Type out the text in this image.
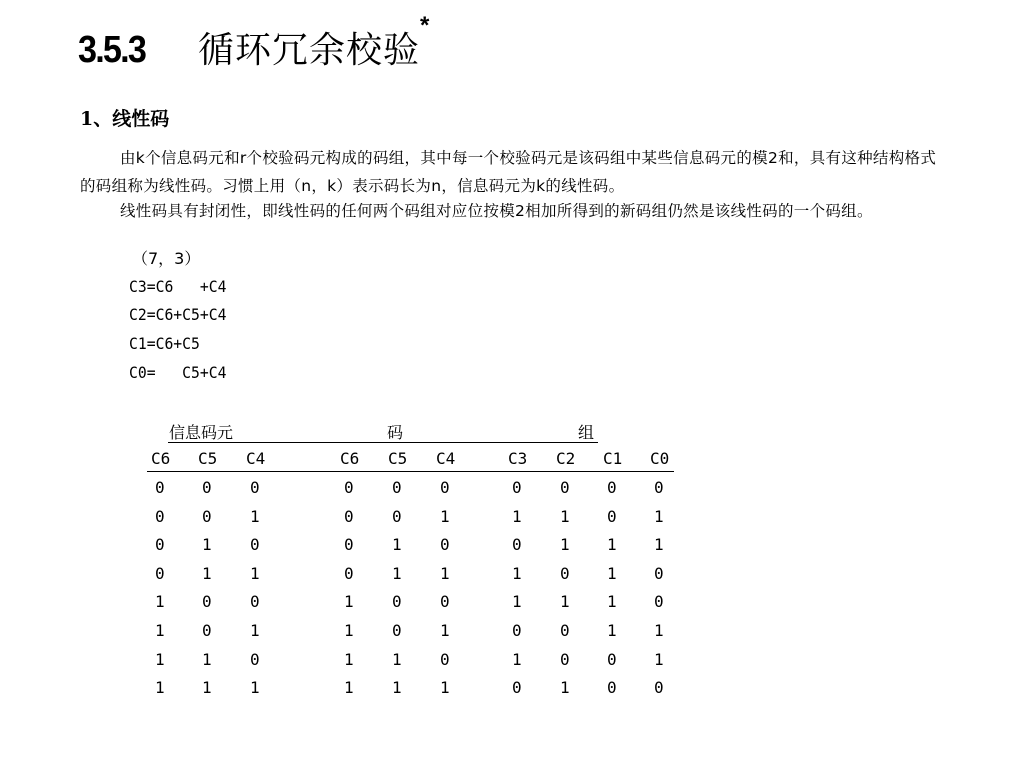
3.5.3	循环冗余校验*
1、线性码
由k个信息码元和r个校验码元构成的码组，其中每一个校验码元是该码组中某些信息码元的模2和，具有这种结构格式的码组称为线性码。习惯上用（n，k）表示码长为n，信息码元为k的线性码。
线性码具有封闭性，即线性码的任何两个码组对应位按模2相加所得到的新码组仍然是该线性码的一个码组。
（7，3）
C3=C6   +C4
C2=C6+C5+C4
C1=C6+C5
C0=   C5+C4
信息码元	码	组
C6 C5 C4	C6 C5 C4	C3 C2 C1 C0
0 0 0	0 0 0	0 0 0 0
0 0 1	0 0 1	1 1 0 1
0 1 0	0 1 0	0 1 1 1
0 1 1	0 1 1	1 0 1 0
1 0 0	1 0 0	1 1 1 0
1 0 1	1 0 1	0 0 1 1
1 1 0	1 1 0	1 0 0 1
1 1 1	1 1 1	0 1 0 0
